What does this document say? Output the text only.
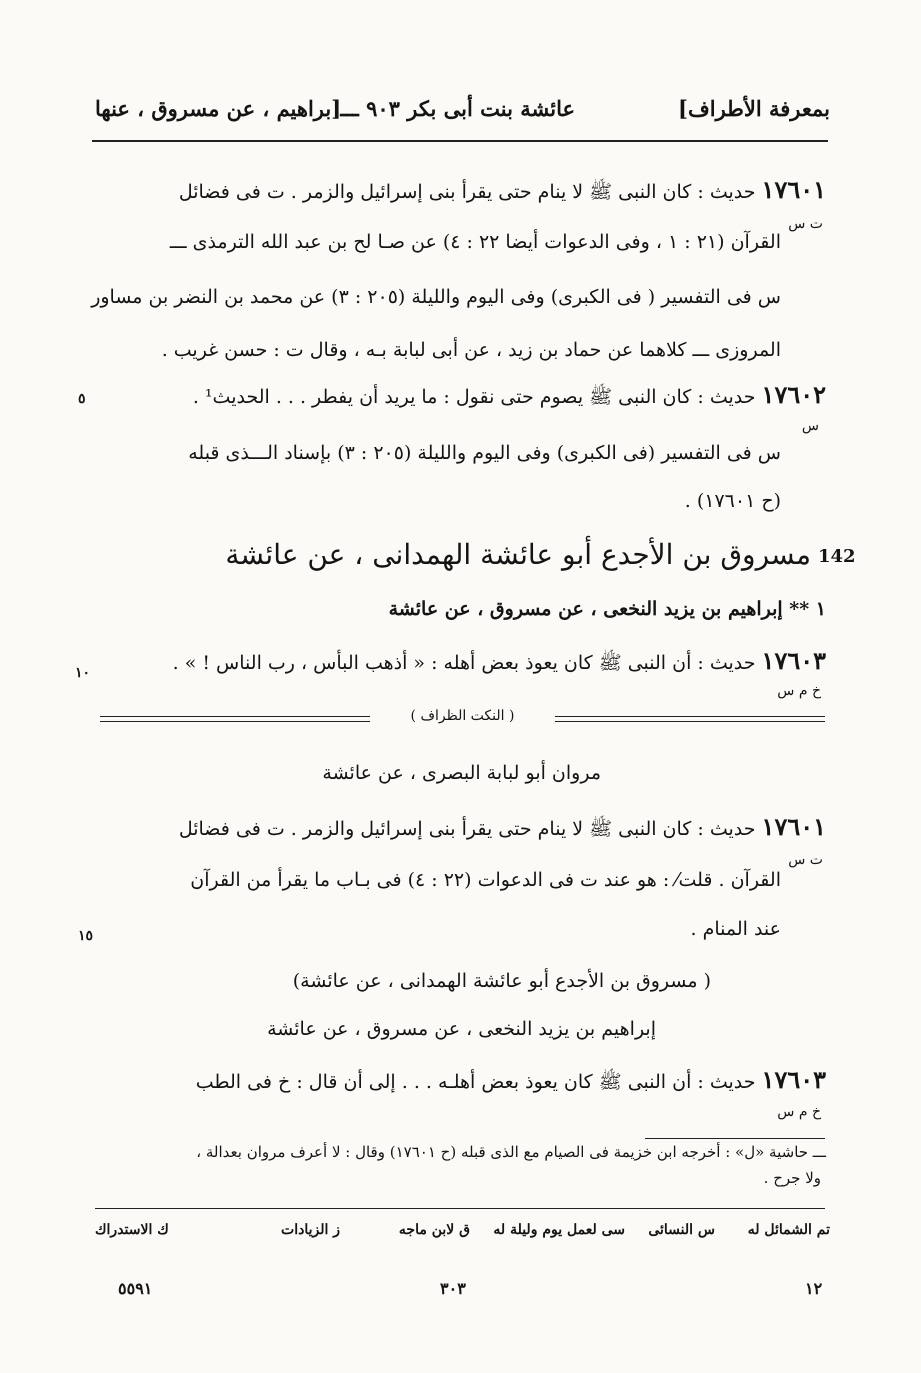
بمعرفة الأطراف]
عائشة بنت أبى بكر ٩٠٣ ـــ
[براهيم ، عن مسروق ، عنها
١٧٦٠١ حديث : كان النبى ﷺ لا ينام حتى يقرأ بنى إسرائيل والزمر . ت فى فضائل
ت س
القرآن (٢١ : ١ ، وفى الدعوات أيضا ٢٢ : ٤) عن صـا لح بن عبد الله الترمذى ـــ
س فى التفسير ( فى الكبرى) وفى اليوم والليلة (٢٠٥ : ٣) عن محمد بن النضر بن مساور
المروزى ـــ كلاهما عن حماد بن زيد ، عن أبى لبابة بـه ، وقال ت : حسن غريب .
١٧٦٠٢ حديث : كان النبى ﷺ يصوم حتى نقول : ما يريد أن يفطر . . . الحديث¹ .
٥
س
س فى التفسير (فى الكبرى) وفى اليوم والليلة (٢٠٥ : ٣) بإسناد الـــذى قبله
(ح ١٧٦٠١) .
142
مسروق بن الأجدع أبو عائشة الهمدانى ، عن عائشة
١ ** إبراهيم بن يزيد النخعى ، عن مسروق ، عن عائشة
١٧٦٠٣ حديث : أن النبى ﷺ كان يعوذ بعض أهله : « أذهب البأس ، رب الناس ! » .
١٠
خ م س
( النكت الظراف )
مروان أبو لبابة البصرى ، عن عائشة
١٧٦٠١ حديث : كان النبى ﷺ لا ينام حتى يقرأ بنى إسرائيل والزمر . ت فى فضائل
ت س
القرآن . قلت⁄ : هو عند ت فى الدعوات (٢٢ : ٤) فى بـاب ما يقرأ من القرآن
عند المنام .
١٥
( مسروق بن الأجدع أبو عائشة الهمدانى ، عن عائشة)
إبراهيم بن يزيد النخعى ، عن مسروق ، عن عائشة
١٧٦٠٣ حديث : أن النبى ﷺ كان يعوذ بعض أهلـه . . . إلى أن قال : خ فى الطب
خ م س
ـــ حاشية «ل» : أخرجه ابن خزيمة فى الصيام مع الذى قبله (ح ١٧٦٠١) وقال : لا أعرف مروان بعدالة ،
ولا جرح .
تم الشمائل له
س النسائى
سى لعمل يوم وليلة له
ق لابن ماجه
ز الزيادات
ك الاستدراك
١٢
٣٠٣
٥٥٩١
